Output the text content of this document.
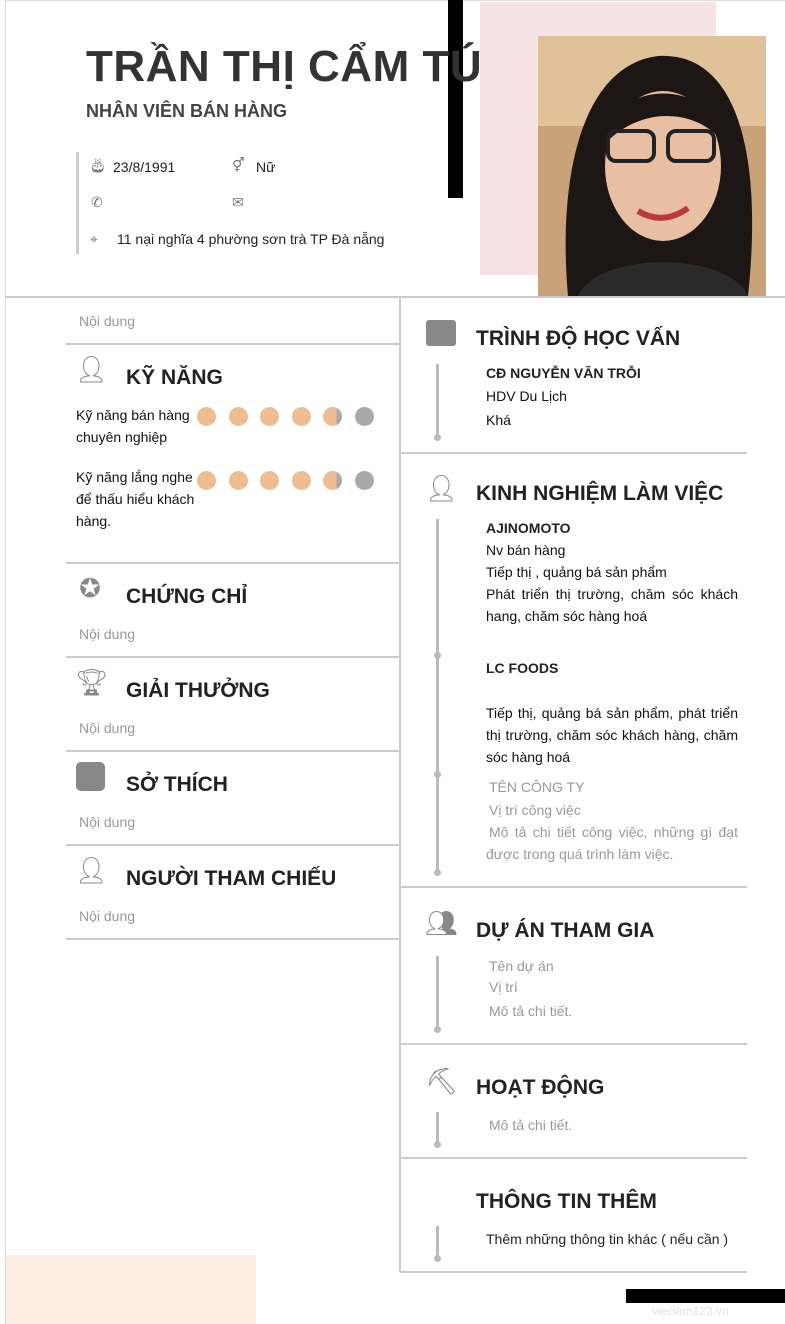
vieclam123.vn
TRẦN THỊ CẨM TÚ
NHÂN VIÊN BÁN HÀNG
🎂︎ 23/8/1991	⚥ Nữ
✆	✉
⌖ 11 nại nghĩa 4 phường sơn trà TP Đà nẵng
Nội dung
👤︎ KỸ NĂNG
Kỹ năng bán hàng chuyên nghiệp
Kỹ năng lắng nghe để thấu hiểu khách hàng.
✪ CHỨNG CHỈ
Nội dung
🏆︎ GIẢI THƯỞNG
Nội dung
SỞ THÍCH
Nội dung
👤︎ NGƯỜI THAM CHIẾU
Nội dung
TRÌNH ĐỘ HỌC VẤN
CĐ NGUYỄN VĂN TRỖI
HDV Du Lịch
Khá
👤︎ KINH NGHIỆM LÀM VIỆC
AJINOMOTO
Nv bán hàng
Tiếp thị , quảng bá sản phẩm
Phát triển thị trường, chăm sóc khách hang, chăm sóc hàng hoá
LC FOODS
Tiếp thị, quảng bá sản phẩm, phát triển thị trường, chăm sóc khách hàng, chăm sóc hàng hoá
TÊN CÔNG TY
Vị trí công việc
Mô tả chi tiết công việc, những gì đạt được trong quá trình làm việc.
👥︎ DỰ ÁN THAM GIA
Tên dự án
Vị trí
Mô tả chi tiết.
⛏ HOẠT ĐỘNG
Mô tả chi tiết.
THÔNG TIN THÊM
Thêm những thông tin khác ( nếu cần )
